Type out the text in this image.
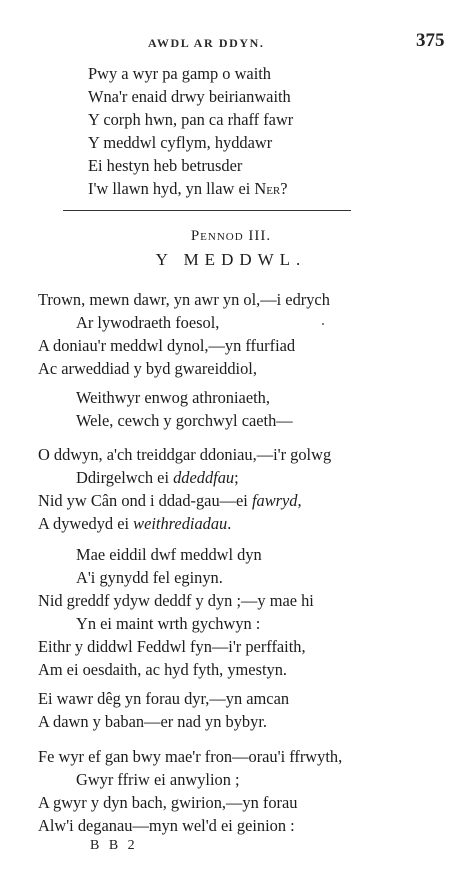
AWDL AR DDYN.	375
Pwy a wyr pa gamp o waith
Wna'r enaid drwy beirianwaith
Y corph hwn, pan ca rhaff fawr
Y meddwl cyflym, hyddawr
Ei hestyn heb betrusder
I'w llawn hyd, yn llaw ei Ner?
Pennod III.
Y MEDDWL.
Trown, mewn dawr, yn awr yn ol,—i edrych
Ar lywodraeth foesol,
A doniau'r meddwl dynol,—yn ffurfiad
Ac arweddiad y byd gwareiddiol,
Weithwyr enwog athroniaeth,
Wele, cewch y gorchwyl caeth—
O ddwyn, a'ch treiddgar ddoniau,—i'r golwg
Ddirgelwch ei ddeddfau;
Nid yw Cân ond i ddad-gau—ei fawryd,
A dywedyd ei weithrediadau.
Mae eiddil dwf meddwl dyn
A'i gynydd fel eginyn.
Nid greddf ydyw deddf y dyn ;—y mae hi
Yn ei maint wrth gychwyn :
Eithr y diddwl Feddwl fyn—i'r perffaith,
Am ei oesdaith, ac hyd fyth, ymestyn.
Ei wawr dêg yn forau dyr,—yn amcan
A dawn y baban—er nad yn bybyr.
Fe wyr ef gan bwy mae'r fron—orau'i ffrwyth,
Gwyr ffriw ei anwylion ;
A gwyr y dyn bach, gwirion,—yn forau
Alw'i deganau—myn wel'd ei geinion :
B B 2
